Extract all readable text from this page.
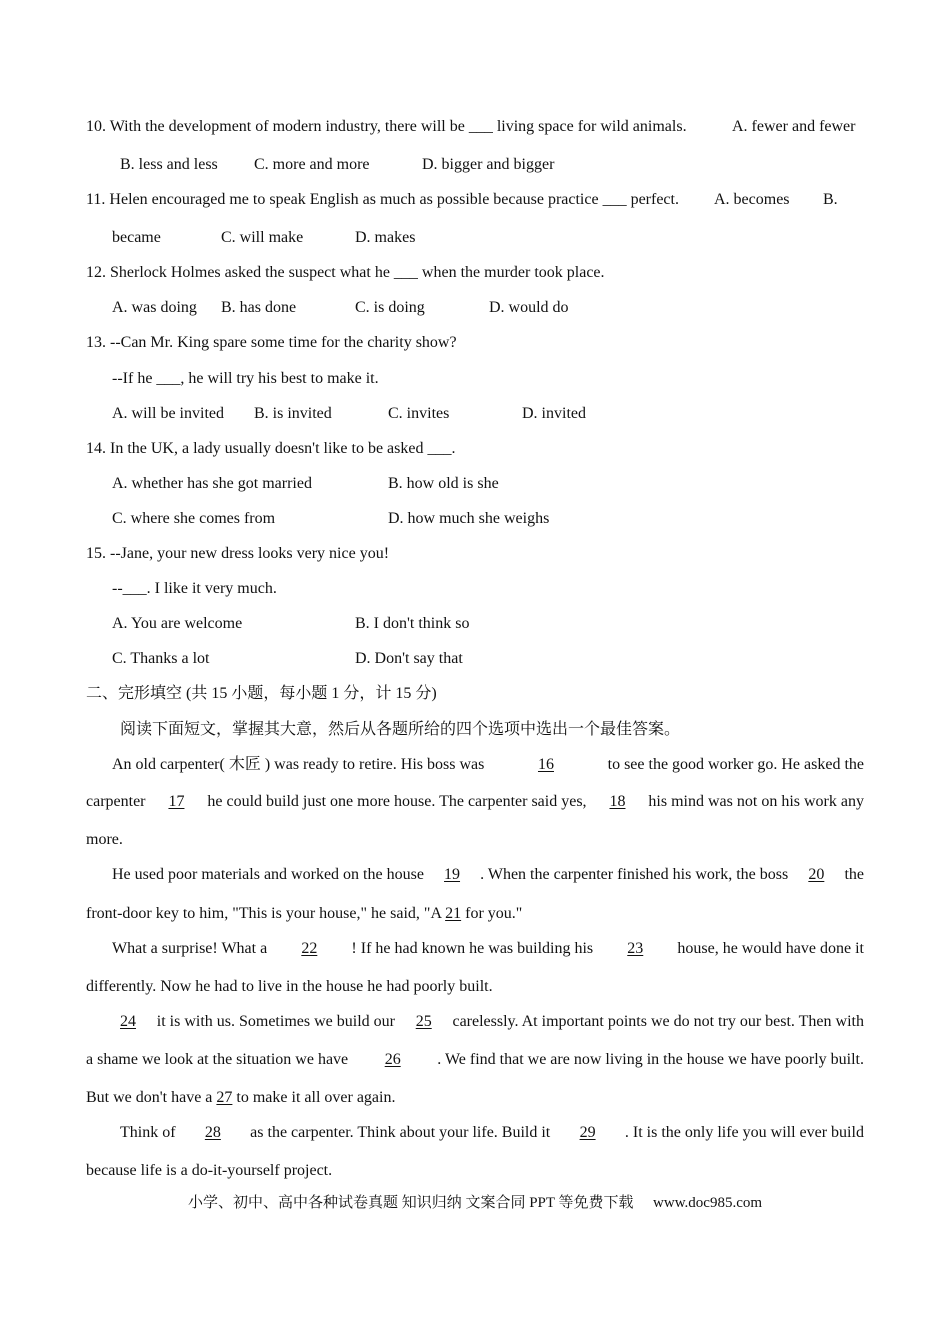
10. With the development of modern industry, there will be ___ living space for wild animals.	A. fewer and fewer
B. less and less C. more and more	D. bigger and bigger
11. Helen encouraged me to speak English as much as possible because practice ___ perfect. A. becomes B.
became	C. will make	D. makes
12. Sherlock Holmes asked the suspect what he ___ when the murder took place.
A. was doing B. has done	C. is doing	D. would do
13. --Can Mr. King spare some time for the charity show?
--If he ___, he will try his best to make it.
A. will be invited B. is invited	C. invites	D. invited
14. In the UK, a lady usually doesn't like to be asked ___.
A. whether has she got married	B. how old is she
C. where she comes from	D. how much she weighs
15. --Jane, your new dress looks very nice you!
--___. I like it very much.
A. You are welcome	B. I don't think so
C. Thanks a lot	D. Don't say that
二、完形填空 (共 15 小题，每小题 1 分，计 15 分)
阅读下面短文，掌握其大意，然后从各题所给的四个选项中选出一个最佳答案。
An old carpenter( 木匠 ) was ready to retire. His boss was	16	to see the good worker go. He asked the
carpenter 17 he could build just one more house. The carpenter said yes, 18 his mind was not on his work any
more.
He used poor materials and worked on the house 19 . When the carpenter finished his work, the boss 20 the
front-door key to him, "This is your house," he said, "A 21 for you."
What a surprise! What a 22 ! If he had known he was building his 23 house, he would have done it
differently. Now he had to live in the house he had poorly built.
24 it is with us. Sometimes we build our 25 carelessly. At important points we do not try our best. Then with
a shame we look at the situation we have 26 . We find that we are now living in the house we have poorly built.
But we don't have a 27 to make it all over again.
Think of 28 as the carpenter. Think about your life. Build it 29 . It is the only life you will ever build
because life is a do-it-yourself project.
小学、初中、高中各种试卷真题 知识归纳 文案合同 PPT 等免费下载 www.doc985.com
